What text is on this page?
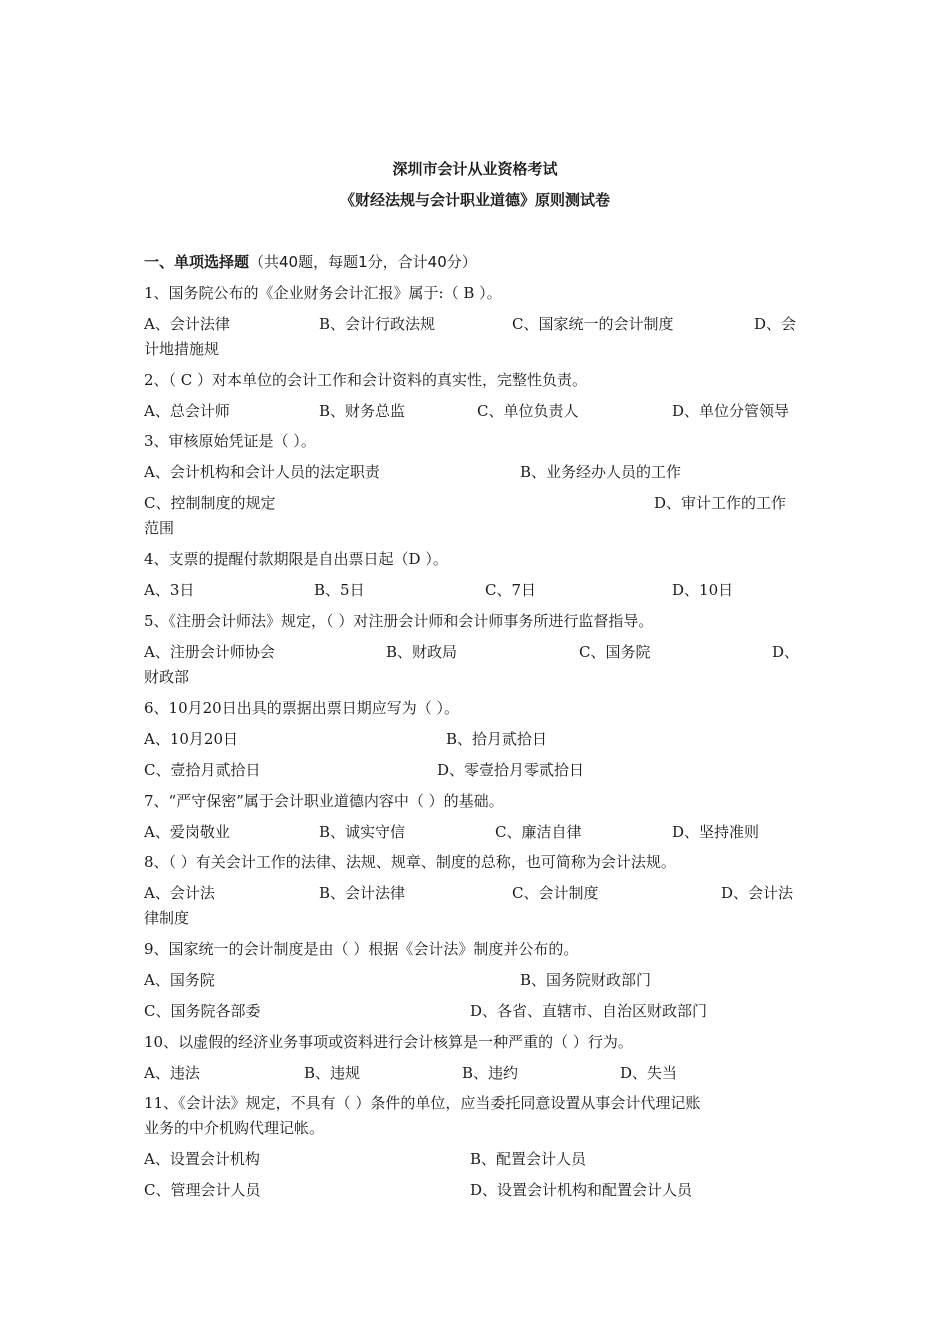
深圳市会计从业资格考试
《财经法规与会计职业道德》原则测试卷
一、单项选择题（共40题，每题1分，合计40分）
1、国务院公布的《企业财务会计汇报》属于:（ B ）。
A、会计法律	B、会计行政法规	C、国家统一的会计制度	D、会
计地措施规
2、（ C ）对本单位的会计工作和会计资料的真实性，完整性负责。
A、总会计师	B、财务总监	C、单位负责人	D、单位分管领导
3、审核原始凭证是（ ）。
A、会计机构和会计人员的法定职责	B、业务经办人员的工作
C、控制制度的规定	D、审计工作的工作
范围
4、支票的提醒付款期限是自出票日起（D ）。
A、3日	B、5日	C、7日	D、10日
5、《注册会计师法》规定，（ ）对注册会计师和会计师事务所进行监督指导。
A、注册会计师协会	B、财政局	C、国务院	D、
财政部
6、10月20日出具的票据出票日期应写为（ ）。
A、10月20日	B、拾月贰拾日
C、壹拾月贰拾日	D、零壹拾月零贰拾日
7、“严守保密”属于会计职业道德内容中（ ）的基础。
A、爱岗敬业	B、诚实守信	C、廉洁自律	D、坚持准则
8、（ ）有关会计工作的法律、法规、规章、制度的总称，也可简称为会计法规。
A、会计法	B、会计法律	C、会计制度	D、会计法
律制度
9、国家统一的会计制度是由（ ）根据《会计法》制度并公布的。
A、国务院	B、国务院财政部门
C、国务院各部委	D、各省、直辖市、自治区财政部门
10、以虚假的经济业务事项或资料进行会计核算是一种严重的（ ）行为。
A、违法	B、违规	B、违约	D、失当
11、《会计法》规定，不具有（ ）条件的单位，应当委托同意设置从事会计代理记账
业务的中介机购代理记帐。
A、设置会计机构	B、配置会计人员
C、管理会计人员	D、设置会计机构和配置会计人员
